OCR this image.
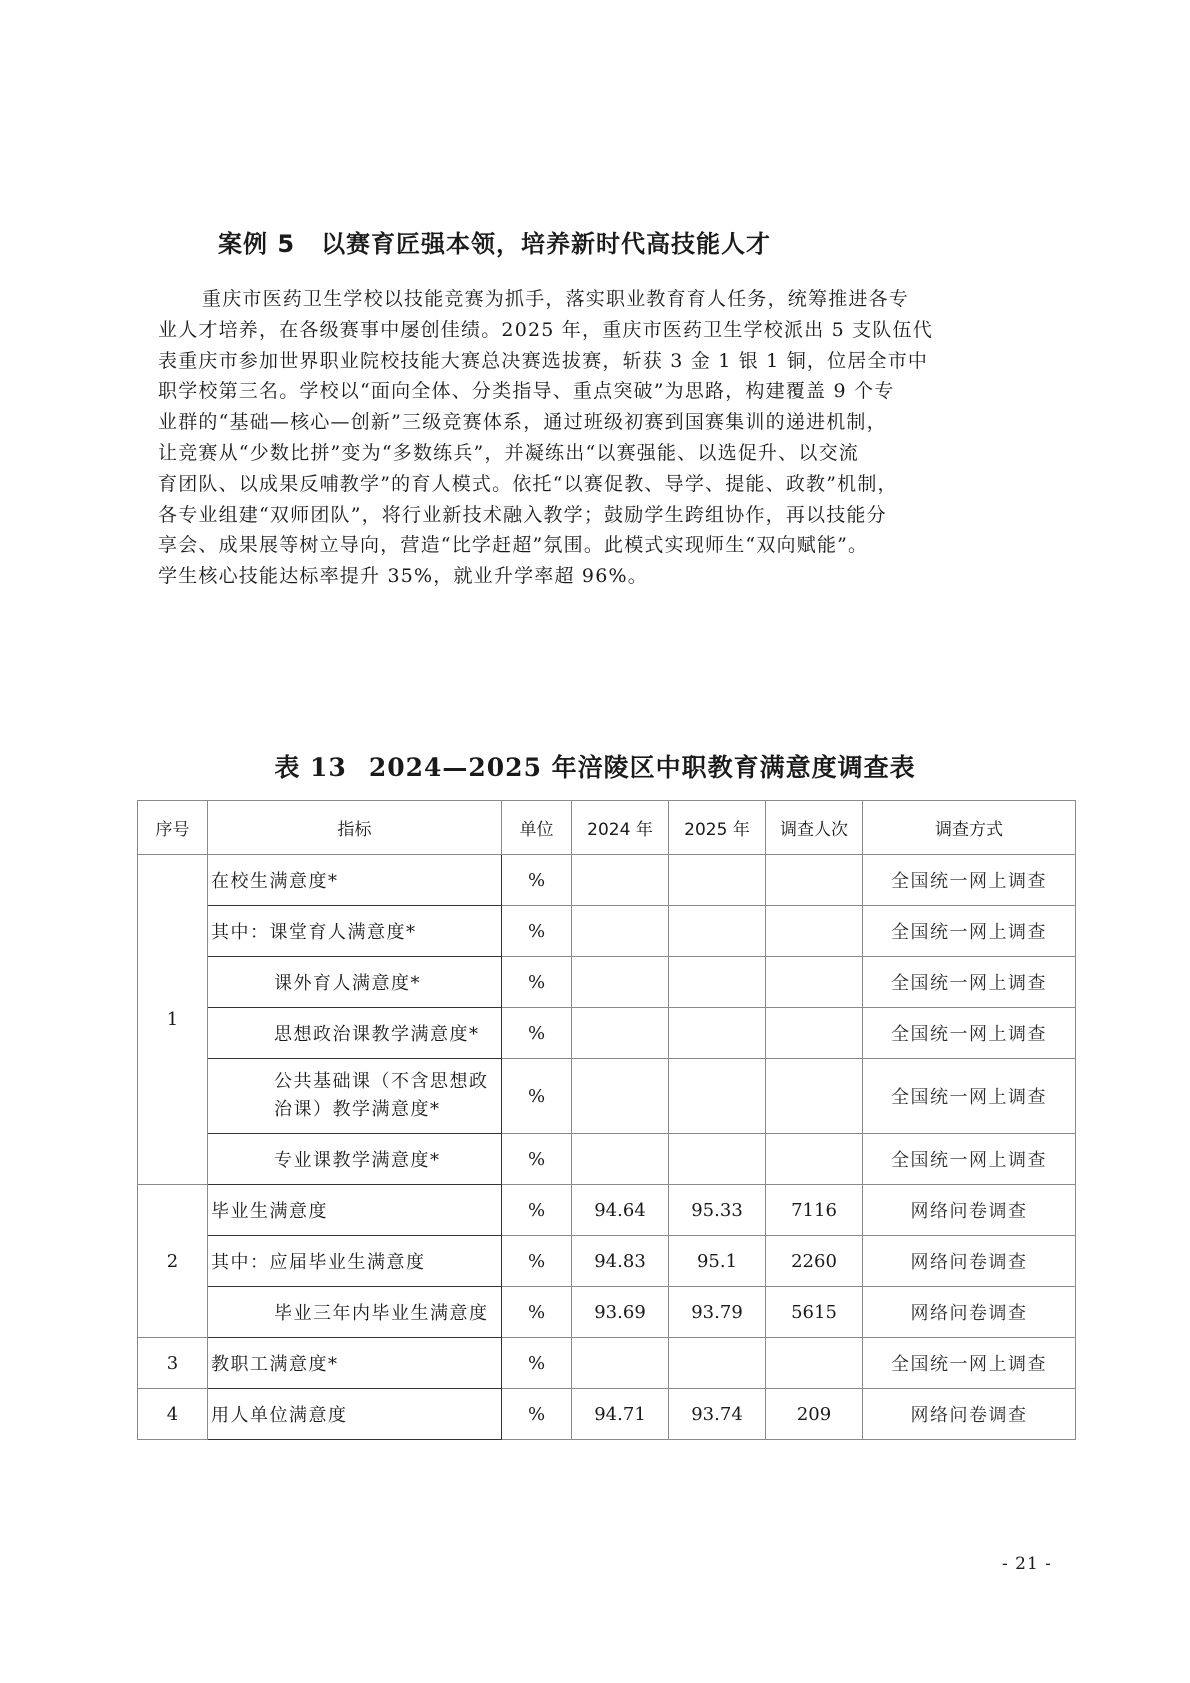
案例 5 以赛育匠强本领，培养新时代高技能人才
重庆市医药卫生学校以技能竞赛为抓手，落实职业教育育人任务，统筹推进各专
业人才培养，在各级赛事中屡创佳绩。2025 年，重庆市医药卫生学校派出 5 支队伍代
表重庆市参加世界职业院校技能大赛总决赛选拔赛，斩获 3 金 1 银 1 铜，位居全市中
职学校第三名。学校以“面向全体、分类指导、重点突破”为思路，构建覆盖 9 个专
业群的“基础—核心—创新”三级竞赛体系，通过班级初赛到国赛集训的递进机制，
让竞赛从“少数比拼”变为“多数练兵”，并凝练出“以赛强能、以选促升、以交流
育团队、以成果反哺教学”的育人模式。依托“以赛促教、导学、提能、政教”机制，
各专业组建“双师团队”，将行业新技术融入教学；鼓励学生跨组协作，再以技能分
享会、成果展等树立导向，营造“比学赶超”氛围。此模式实现师生“双向赋能”。
学生核心技能达标率提升 35%，就业升学率超 96%。
表 13 2024—2025 年涪陵区中职教育满意度调查表
序号	指标	单位	2024 年	2025 年	调查人次	调查方式
1	在校生满意度*	%				全国统一网上调查
	其中：课堂育人满意度*	%				全国统一网上调查
	课外育人满意度*	%				全国统一网上调查
	思想政治课教学满意度*	%				全国统一网上调查
	公共基础课（不含思想政治课）教学满意度*	%				全国统一网上调查
	专业课教学满意度*	%				全国统一网上调查
2	毕业生满意度	%	94.64	95.33	7116	网络问卷调查
	其中：应届毕业生满意度	%	94.83	95.1	2260	网络问卷调查
	毕业三年内毕业生满意度	%	93.69	93.79	5615	网络问卷调查
3	教职工满意度*	%				全国统一网上调查
4	用人单位满意度	%	94.71	93.74	209	网络问卷调查
- 21 -
